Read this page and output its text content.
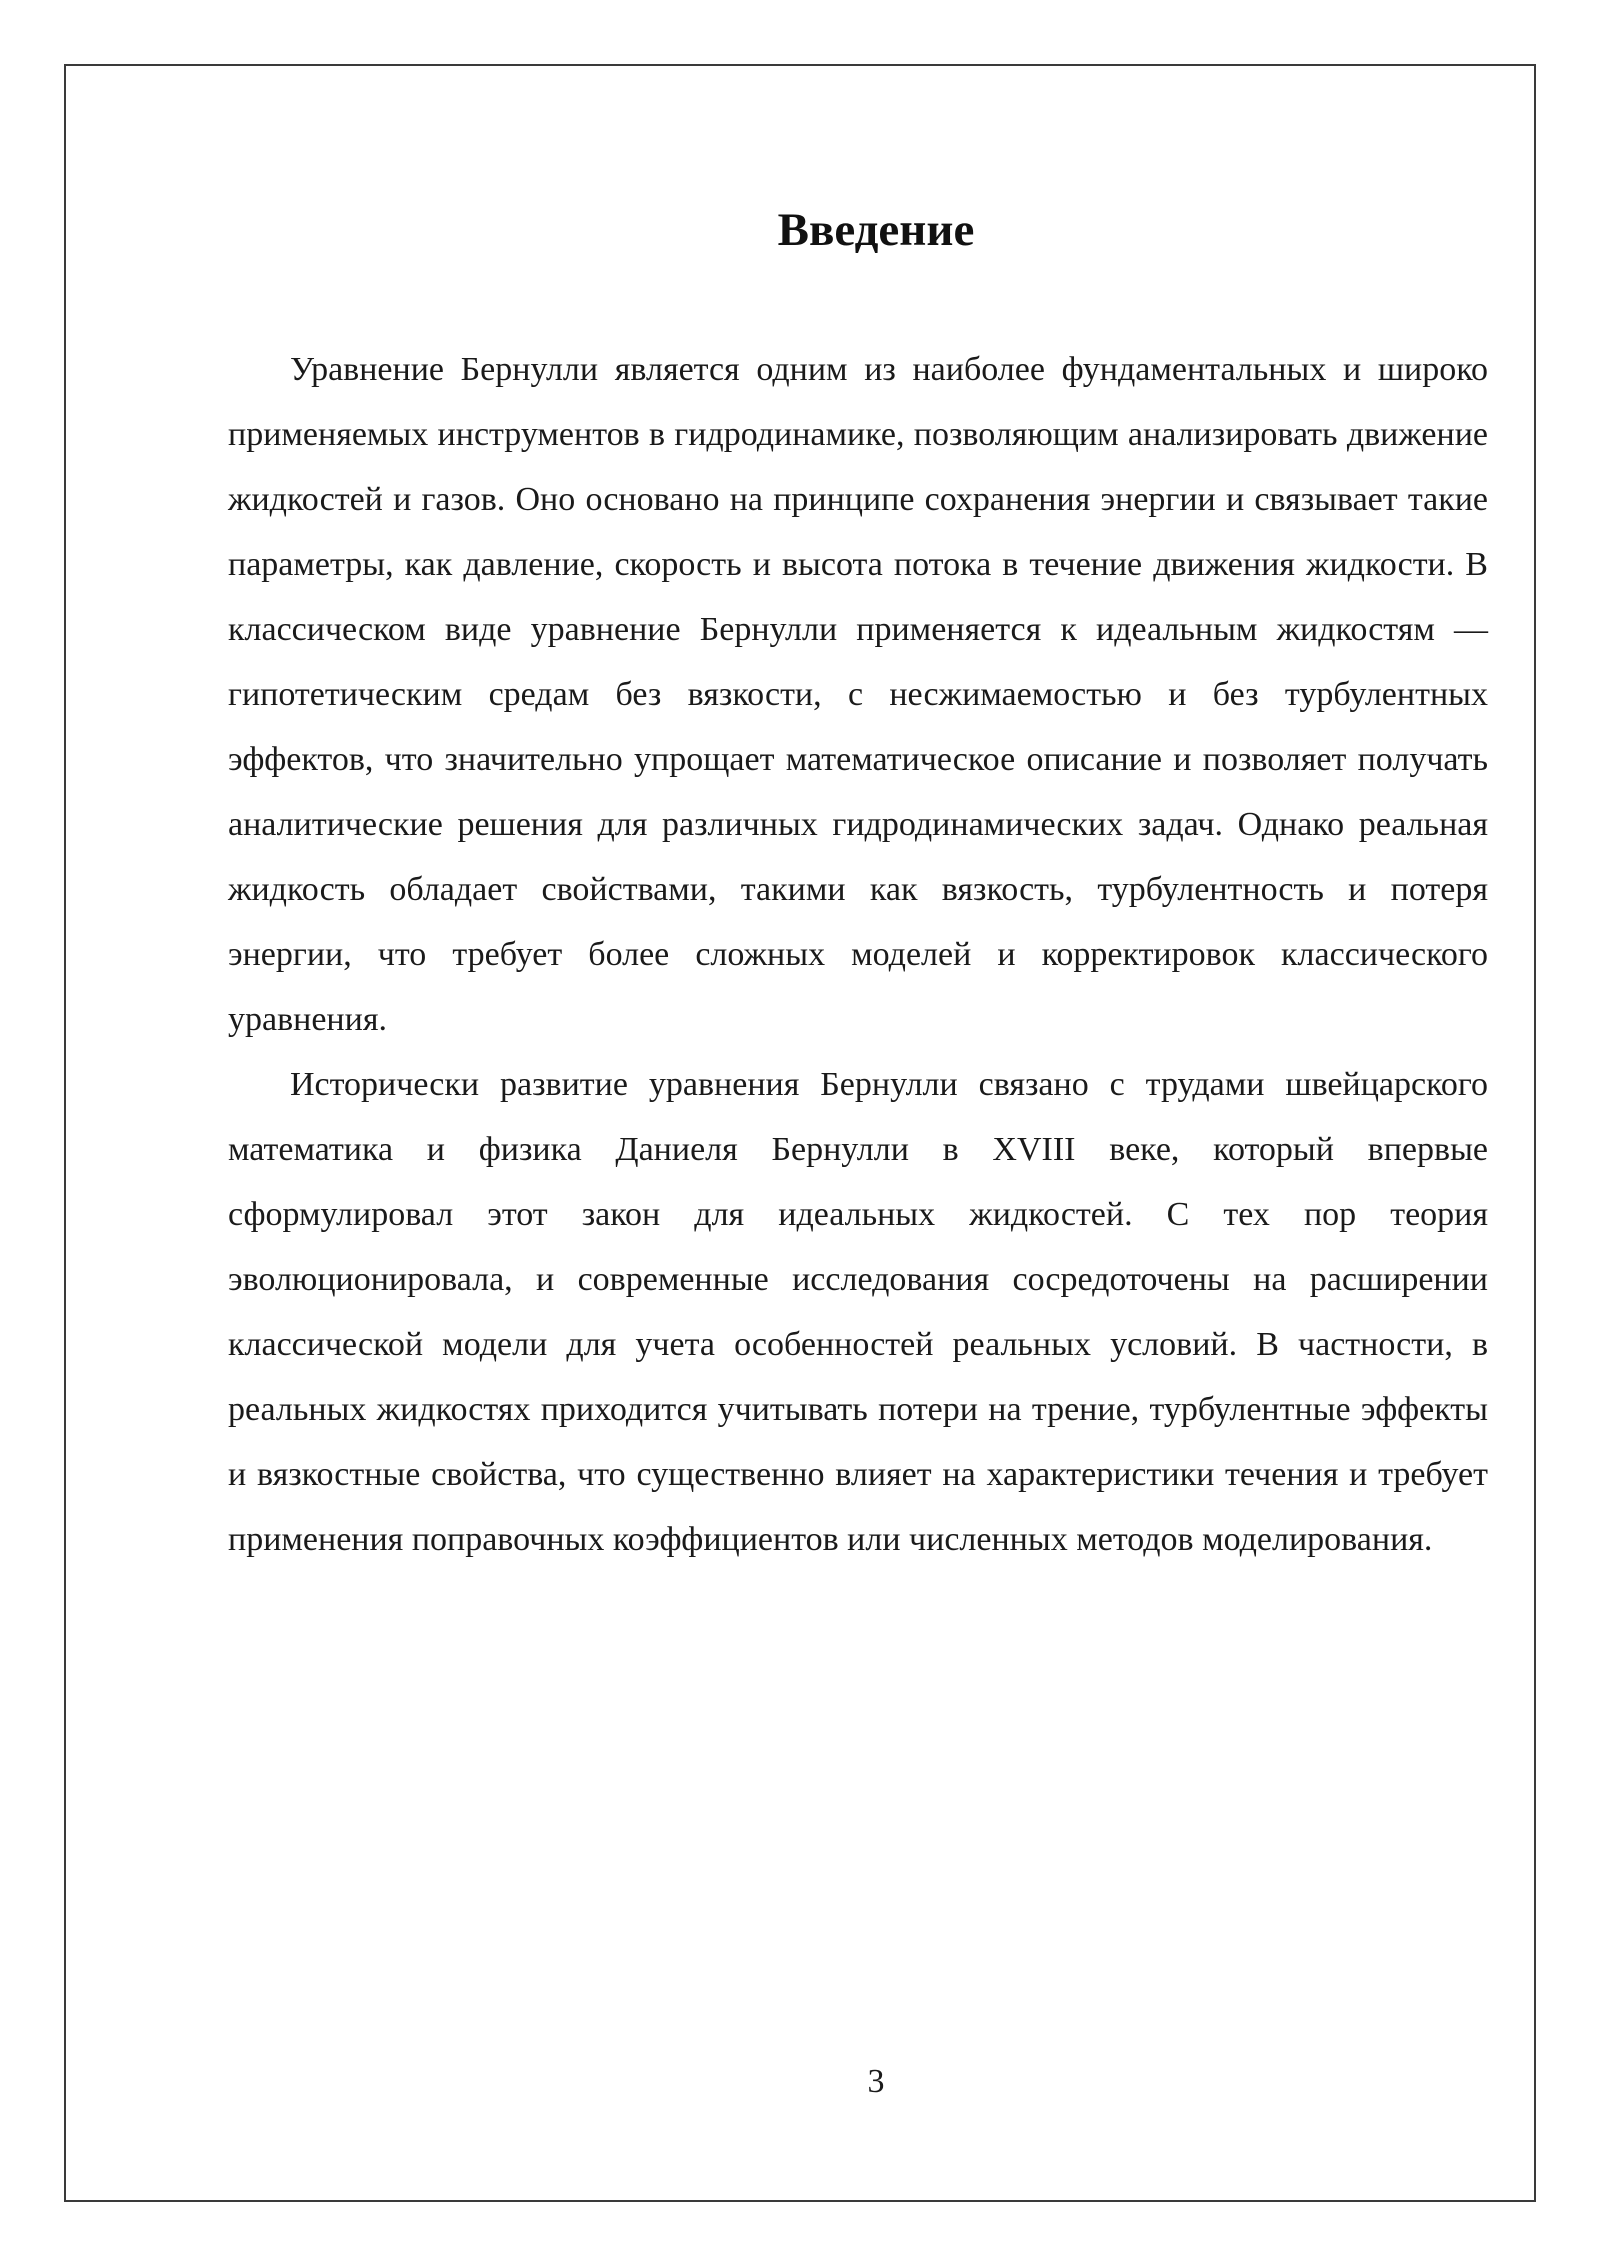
Введение

Уравнение Бернулли является одним из наиболее фундаментальных и широко применяемых инструментов в гидродинамике, позволяющим анализировать движение жидкостей и газов. Оно основано на принципе сохранения энергии и связывает такие параметры, как давление, скорость и высота потока в течение движения жидкости. В классическом виде уравнение Бернулли применяется к идеальным жидкостям — гипотетическим средам без вязкости, с несжимаемостью и без турбулентных эффектов, что значительно упрощает математическое описание и позволяет получать аналитические решения для различных гидродинамических задач. Однако реальная жидкость обладает свойствами, такими как вязкость, турбулентность и потеря энергии, что требует более сложных моделей и корректировок классического уравнения.

Исторически развитие уравнения Бернулли связано с трудами швейцарского математика и физика Даниеля Бернулли в XVIII веке, который впервые сформулировал этот закон для идеальных жидкостей. С тех пор теория эволюционировала, и современные исследования сосредоточены на расширении классической модели для учета особенностей реальных условий. В частности, в реальных жидкостях приходится учитывать потери на трение, турбулентные эффекты и вязкостные свойства, что существенно влияет на характеристики течения и требует применения поправочных коэффициентов или численных методов моделирования.

3
